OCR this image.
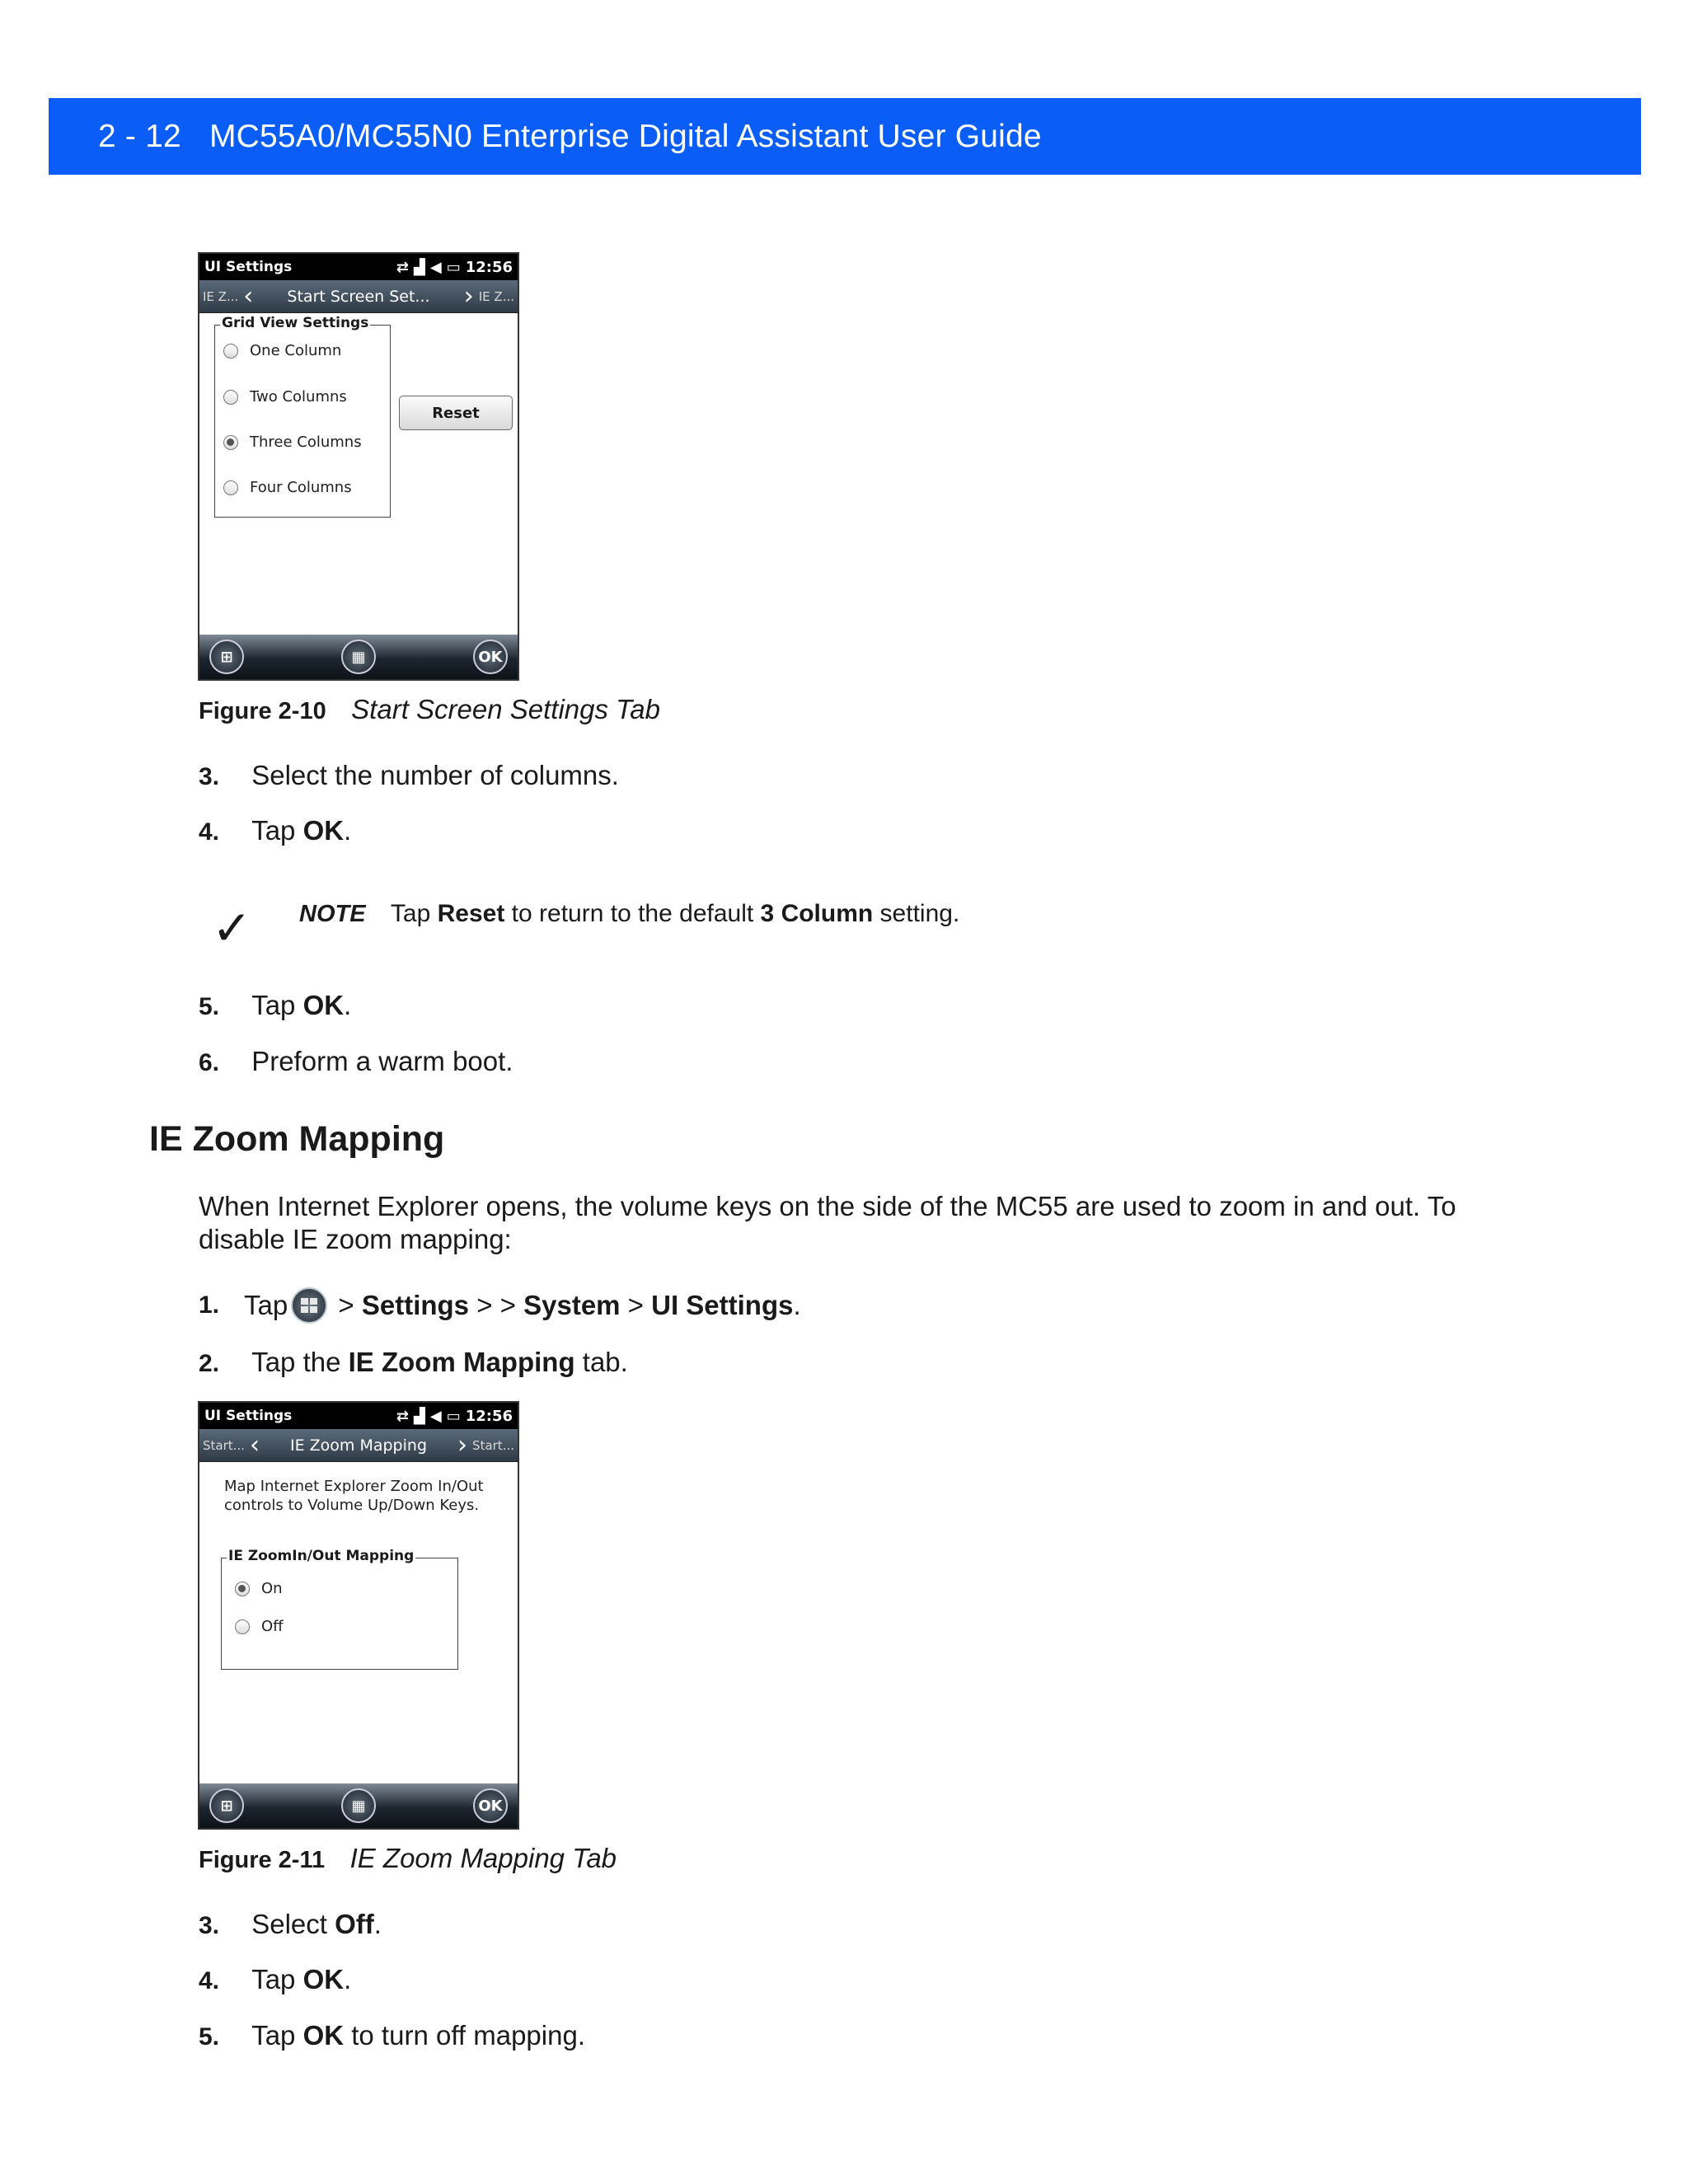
2 - 12 MC55A0/MC55N0 Enterprise Digital Assistant User Guide
UI Settings	⇄ ▟ ◀ ▭ 12:56
IE Z... ‹	Start Screen Set...	› IE Z...
Grid View Settings
One Column
Two Columns
Three Columns
Four Columns
Reset
⊞	▦	OK
Figure 2-10 Start Screen Settings Tab
3. Select the number of columns.
4. Tap OK.
✓ NOTE Tap Reset to return to the default 3 Column setting.
5. Tap OK.
6. Preform a warm boot.
IE Zoom Mapping
When Internet Explorer opens, the volume keys on the side of the MC55 are used to zoom in and out. To
disable IE zoom mapping:
1. Tap > Settings > > System > UI Settings .
2. Tap the IE Zoom Mapping tab.
UI Settings	⇄ ▟ ◀ ▭ 12:56
Start... ‹	IE Zoom Mapping	› Start...
Map Internet Explorer Zoom In/Out
controls to Volume Up/Down Keys.
IE ZoomIn/Out Mapping
On
Off
⊞	▦	OK
Figure 2-11 IE Zoom Mapping Tab
3. Select Off.
4. Tap OK.
5. Tap OK to turn off mapping.
